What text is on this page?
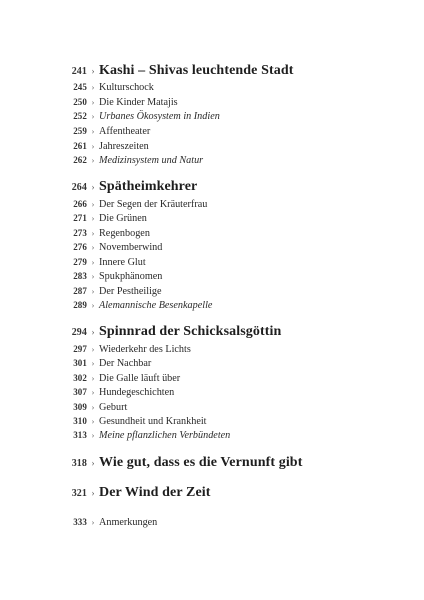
241 › Kashi – Shivas leuchtende Stadt
245 › Kulturschock
250 › Die Kinder Matajis
252 › Urbanes Ökosystem in Indien
259 › Affentheater
261 › Jahreszeiten
262 › Medizinsystem und Natur
264 › Spätheimkehrer
266 › Der Segen der Kräuterfrau
271 › Die Grünen
273 › Regenbogen
276 › Novemberwind
279 › Innere Glut
283 › Spukphänomen
287 › Der Pestheilige
289 › Alemannische Besenkapelle
294 › Spinnrad der Schicksalsgöttin
297 › Wiederkehr des Lichts
301 › Der Nachbar
302 › Die Galle läuft über
307 › Hundegeschichten
309 › Geburt
310 › Gesundheit und Krankheit
313 › Meine pflanzlichen Verbündeten
318 › Wie gut, dass es die Vernunft gibt
321 › Der Wind der Zeit
333 › Anmerkungen
